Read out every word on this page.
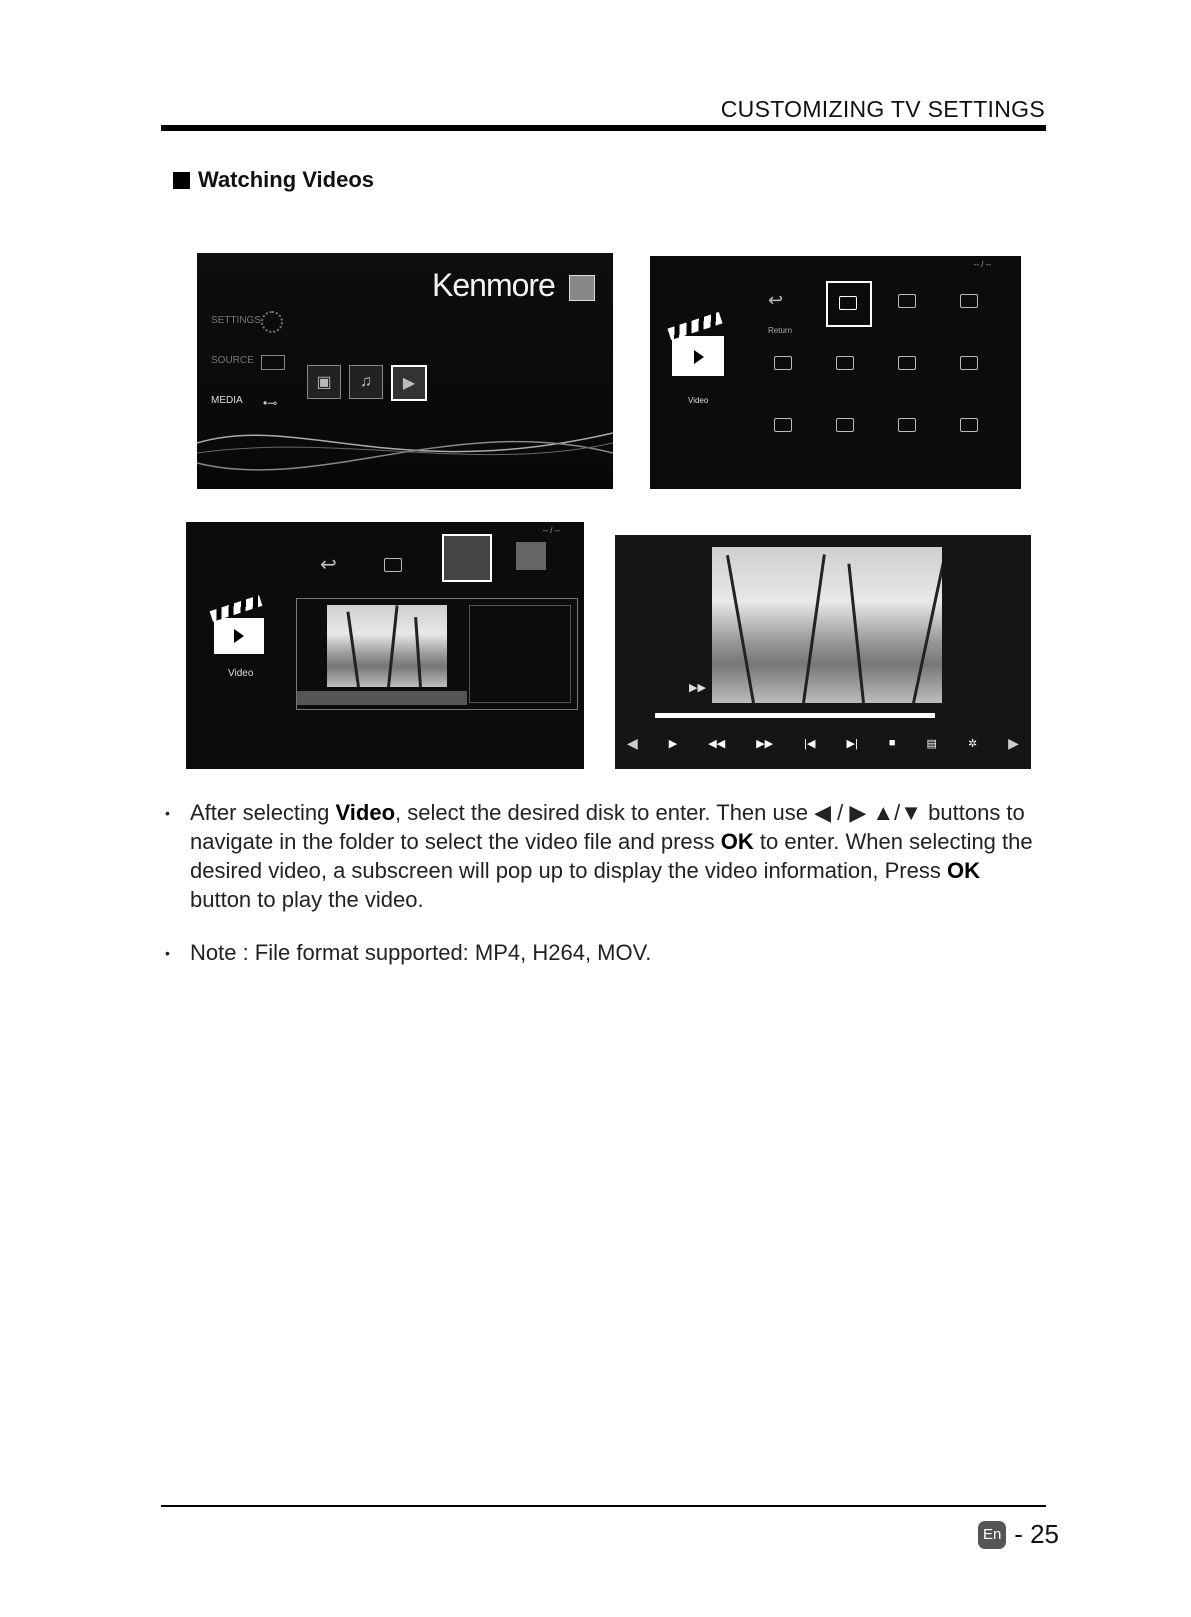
CUSTOMIZING TV SETTINGS
Watching Videos
Kenmore
SETTINGS
SOURCE
MEDIA •⊸
▣ ♫ ▶
-- / --
Video
↩
Return
-- / --
Video
↩
▶▶
◀	▶	◀◀	▶▶	|◀	▶|	■	▤	✲ ▶
• After selecting Video, select the desired disk to enter. Then use ◀ / ▶ ▲/▼ buttons to navigate in the folder to select the video file and press OK to enter. When selecting the desired video, a subscreen will pop up to display the video information, Press OK button to play the video.
• Note : File format supported: MP4, H264, MOV.
En - 25
